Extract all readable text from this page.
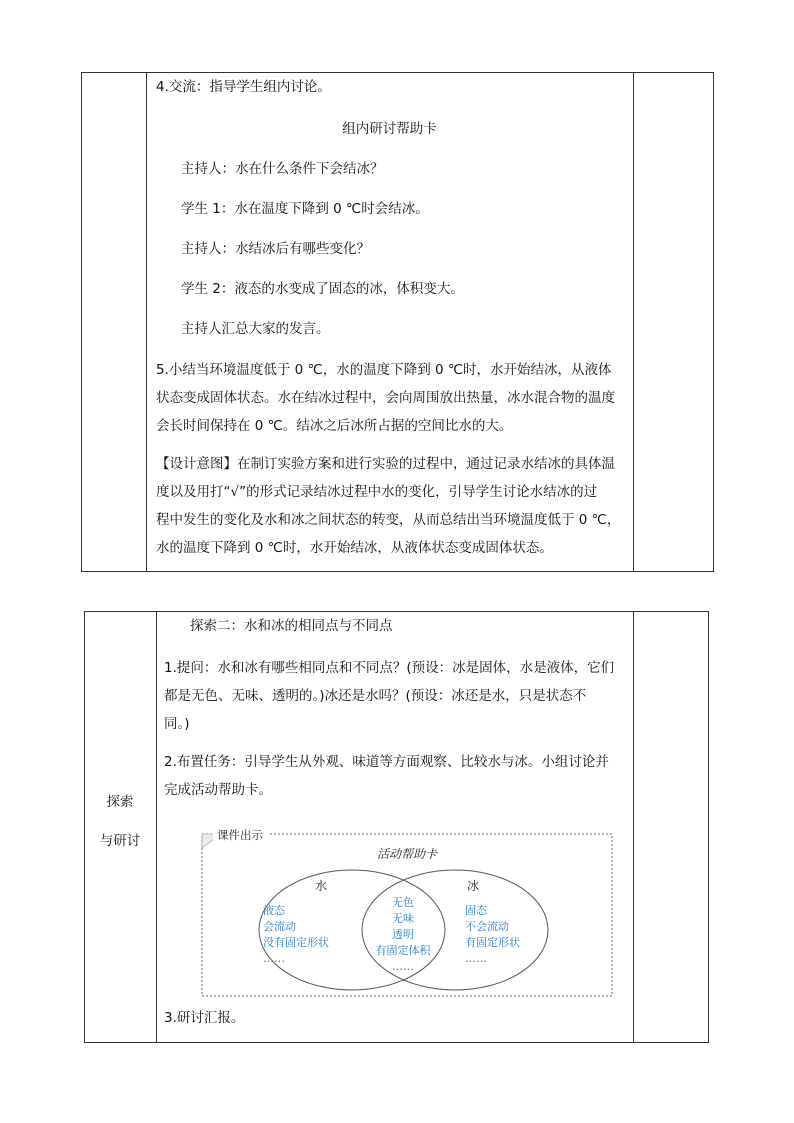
4.交流：指导学生组内讨论。
组内研讨帮助卡
主持人：水在什么条件下会结冰？
学生 1：水在温度下降到 0 ℃时会结冰。
主持人：水结冰后有哪些变化？
学生 2：液态的水变成了固态的冰，体积变大。
主持人汇总大家的发言。
5.小结当环境温度低于 0 ℃，水的温度下降到 0 ℃时，水开始结冰，从液体
状态变成固体状态。水在结冰过程中，会向周围放出热量，冰水混合物的温度
会长时间保持在 0 ℃。结冰之后冰所占据的空间比水的大。
【设计意图】在制订实验方案和进行实验的过程中，通过记录水结冰的具体温
度以及用打“√”的形式记录结冰过程中水的变化，引导学生讨论水结冰的过
程中发生的变化及水和冰之间状态的转变，从而总结出当环境温度低于 0 ℃，
水的温度下降到 0 ℃时，水开始结冰，从液体状态变成固体状态。
探索
与研讨
探索二：水和冰的相同点与不同点
1.提问：水和冰有哪些相同点和不同点？(预设：冰是固体，水是液体，它们
都是无色、无味、透明的。)冰还是水吗？(预设：冰还是水，只是状态不
同。)
2.布置任务：引导学生从外观、味道等方面观察、比较水与冰。小组讨论并
完成活动帮助卡。
课件出示
活动帮助卡
水	冰
液态
会流动
没有固定形状
……
无色
无味
透明
有固定体积
……
固态
不会流动
有固定形状
……
3.研讨汇报。
